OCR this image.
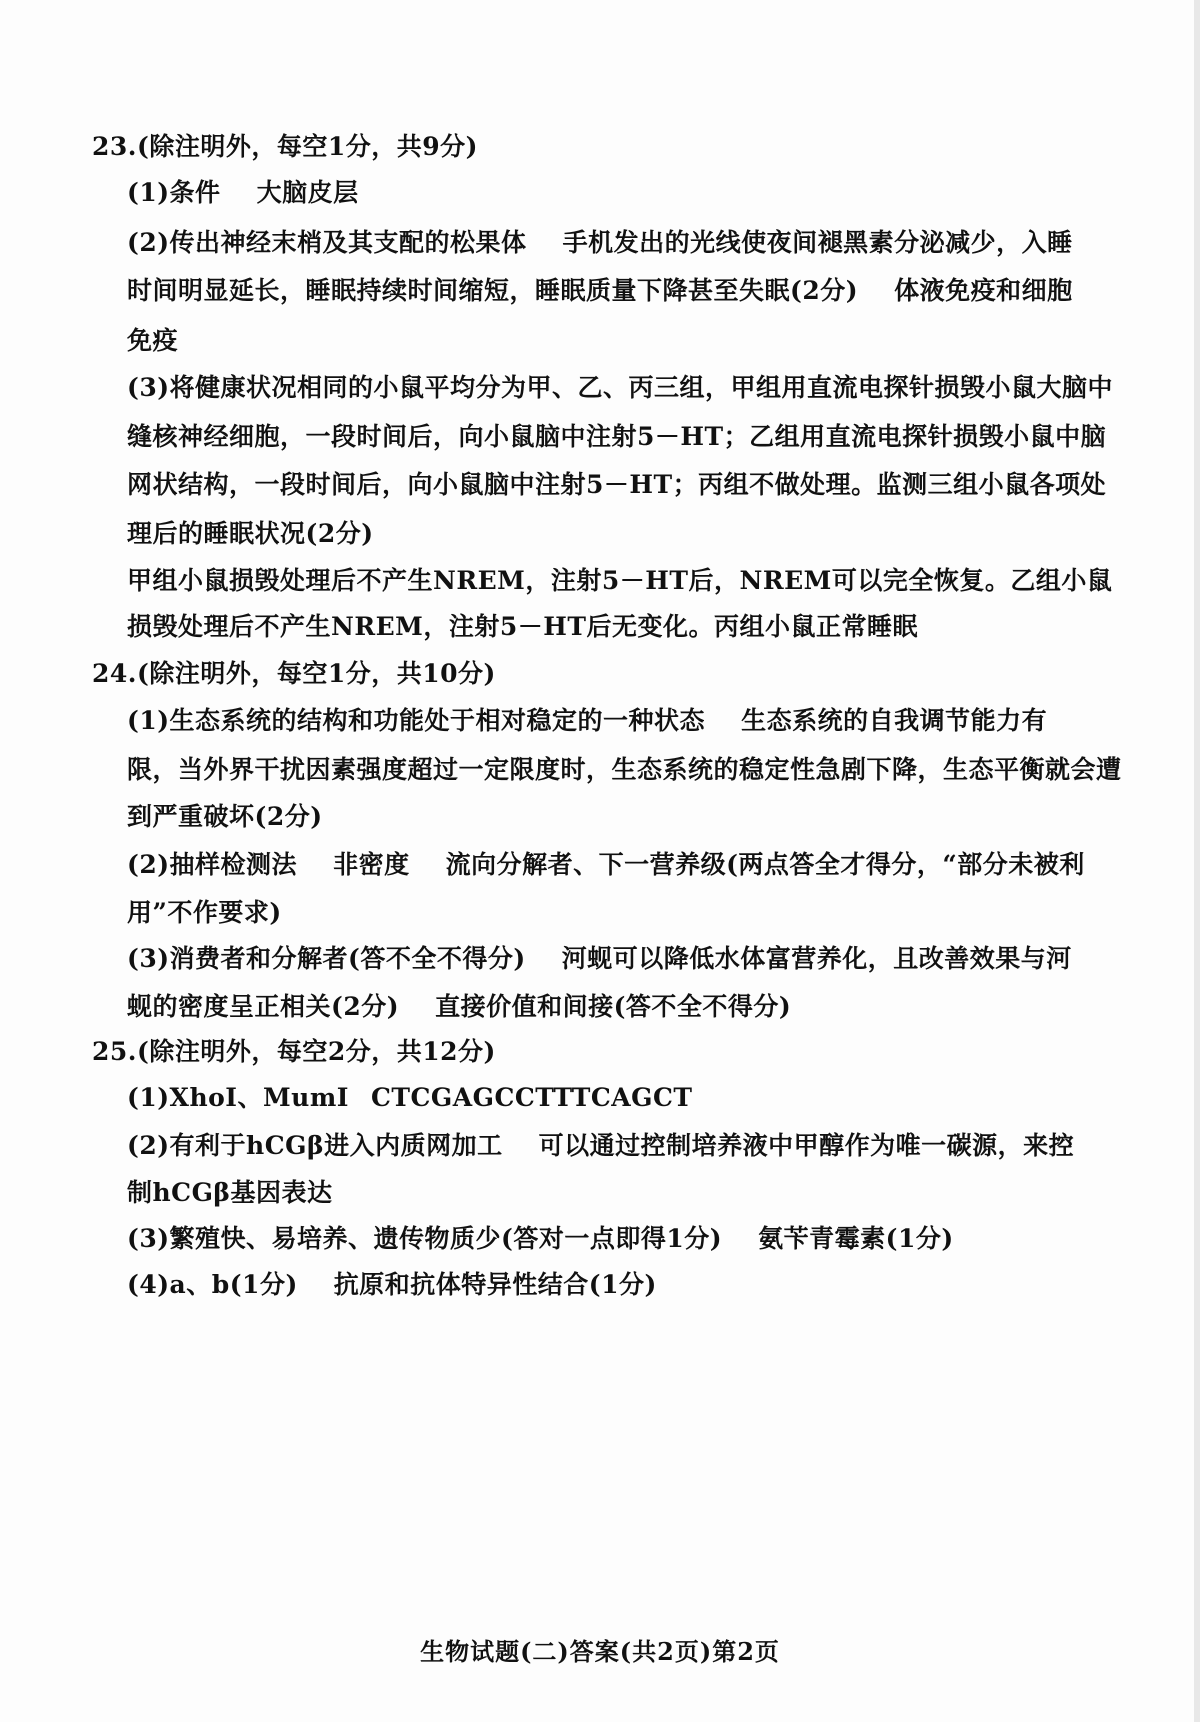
23.(除注明外，每空1分，共9分)
(1)条件 大脑皮层
(2)传出神经末梢及其支配的松果体 手机发出的光线使夜间褪黑素分泌减少，入睡
时间明显延长，睡眠持续时间缩短，睡眠质量下降甚至失眠(2分) 体液免疫和细胞
免疫
(3)将健康状况相同的小鼠平均分为甲、乙、丙三组，甲组用直流电探针损毁小鼠大脑中
缝核神经细胞，一段时间后，向小鼠脑中注射5－HT；乙组用直流电探针损毁小鼠中脑
网状结构，一段时间后，向小鼠脑中注射5－HT；丙组不做处理。监测三组小鼠各项处
理后的睡眠状况(2分)
甲组小鼠损毁处理后不产生NREM，注射5－HT后，NREM可以完全恢复。乙组小鼠
损毁处理后不产生NREM，注射5－HT后无变化。丙组小鼠正常睡眠
24.(除注明外，每空1分，共10分)
(1)生态系统的结构和功能处于相对稳定的一种状态 生态系统的自我调节能力有
限，当外界干扰因素强度超过一定限度时，生态系统的稳定性急剧下降，生态平衡就会遭
到严重破坏(2分)
(2)抽样检测法 非密度 流向分解者、下一营养级(两点答全才得分，“部分未被利
用”不作要求)
(3)消费者和分解者(答不全不得分) 河蚬可以降低水体富营养化，且改善效果与河
蚬的密度呈正相关(2分) 直接价值和间接(答不全不得分)
25.(除注明外，每空2分，共12分)
(1)XhoⅠ、MumⅠ CTCGAGCCTTTCAGCT
(2)有利于hCGβ进入内质网加工 可以通过控制培养液中甲醇作为唯一碳源，来控
制hCGβ基因表达
(3)繁殖快、易培养、遗传物质少(答对一点即得1分) 氨苄青霉素(1分)
(4)a、b(1分) 抗原和抗体特异性结合(1分)
生物试题(二)答案(共2页)第2页
